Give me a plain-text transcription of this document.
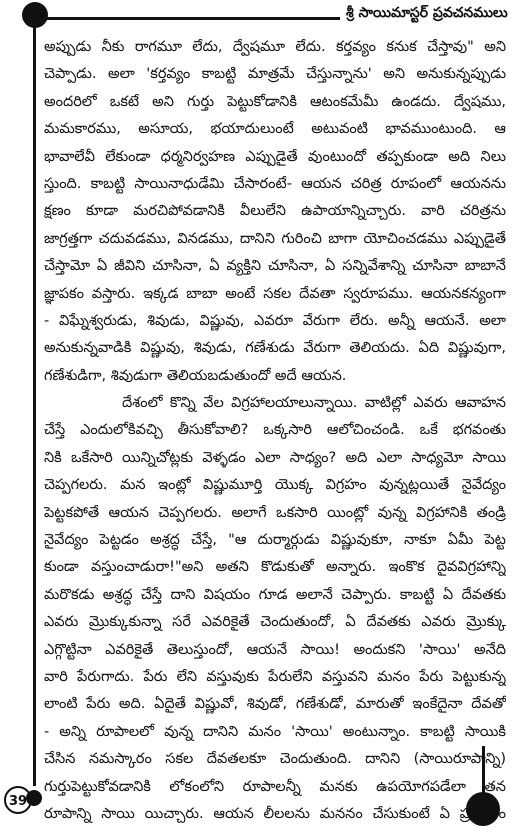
శ్రీ సాయిమాస్టర్ ప్రవచనములు
39
అప్పుడు నీకు రాగమూ లేదు, ద్వేషమూ లేదు. కర్తవ్యం కనుక చేస్తావు" అని
చెప్పాడు. అలా 'కర్తవ్యం కాబట్టి మాత్రమే చేస్తున్నాను' అని అనుకున్నప్పుడు
అందరిలో ఒకటే అని గుర్తు పెట్టుకోడానికి ఆటంకమేమీ ఉండదు. ద్వేషము,
మమకారము, అసూయ, భయాదులుంటే అటువంటి భావముంటుంది. ఆ
భావాలేవీ లేకుండా ధర్మనిర్వహణ ఎప్పుడైతే వుంటుందో తప్పకుండా అది నిలు
స్తుంది. కాబట్టి సాయినాధుడేమి చేసారంటే- ఆయన చరిత్ర రూపంలో ఆయనను
క్షణం కూడా మరచిపోవడానికి వీలులేని ఉపాయాన్నిచ్చారు. వారి చరిత్రను
జాగ్రత్తగా చదువడము, వినడము, దానిని గురించి బాగా యోచించడము ఎప్పుడైతే
చేస్తామో ఏ జీవిని చూసినా, ఏ వ్యక్తిని చూసినా, ఏ సన్నివేశాన్ని చూసినా బాబానే
జ్ఞాపకం వస్తారు. ఇక్కడ బాబా అంటే సకల దేవతా స్వరూపము. ఆయనకన్యంగా
- విఘ్నేశ్వరుడు, శివుడు, విష్ణువు, ఎవరూ వేరుగా లేరు. అన్నీ ఆయనే. అలా
అనుకున్నవాడికి విష్ణువు, శివుడు, గణేశుడు వేరుగా తెలియదు. ఏది విష్ణువుగా,
గణేశుడిగా, శివుడుగా తెలియబడుతుందో అదే ఆయన.
దేశంలో కొన్ని వేల విగ్రహాలయాలున్నాయి. వాటిల్లో ఎవరు ఆవాహన
చేస్తే ఎందులోకివచ్చి తీసుకోవాలి? ఒక్కసారి ఆలోచించండి. ఒకే భగవంతు
నికి ఒకేసారి యిన్నిచోట్లకు వెళ్ళడం ఎలా సాధ్యం? అది ఎలా సాధ్యమో సాయి
చెప్పగలరు. మన ఇంట్లో విష్ణుమూర్తి యొక్క విగ్రహం వున్నట్లయితే నైవేద్యం
పెట్టకపోతే ఆయన చెప్పగలరు. అలాగే ఒకసారి యింట్లో వున్న విగ్రహానికి తండ్రి
నైవేద్యం పెట్టడం అశ్రద్ధ చేస్తే, "ఆ దుర్మార్గుడు విష్ణువుకూ, నాకూ ఏమీ పెట్ట
కుండా వస్తుంచాడురా!"అని అతని కొడుకుతో అన్నారు. ఇంకొక దైవవిగ్రహాన్ని
మరొకడు అశ్రద్ధ చేస్తే దాని విషయం గూడ అలానే చెప్పారు. కాబట్టి ఏ దేవతకు
ఎవరు మ్రొక్కుకున్నా సరే ఎవరికైతే చెందుతుందో, ఏ దేవతకు ఎవరు మ్రొక్కు
ఎగ్గొట్టినా ఎవరికైతే తెలుస్తుందో, ఆయనే సాయి! అందుకని 'సాయి' అనేది
వారి పేరుగాదు. పేరు లేని వస్తువుకు పేరులేని వస్తువని మనం పేరు పెట్టుకున్న
లాంటి పేరు అది. ఏదైతే విష్ణువో, శివుడో, గణేశుడో, మారుతో ఇంకేదైనా దేవతో
- అన్ని రూపాలలో వున్న దానిని మనం 'సాయి' అంటున్నాం. కాబట్టి సాయికి
చేసిన నమస్కారం సకల దేవతలకూ చెందుతుంది. దానిని (సాయిరూపాన్ని)
గుర్తుపెట్టుకోవడానికి లోకంలోని రూపాలన్నీ మనకు ఉపయోగపడేలా తన
రూపాన్ని సాయి యిచ్చారు. ఆయన లీలలను మననం చేసుకుంటే ఏ ప్రపంచం
